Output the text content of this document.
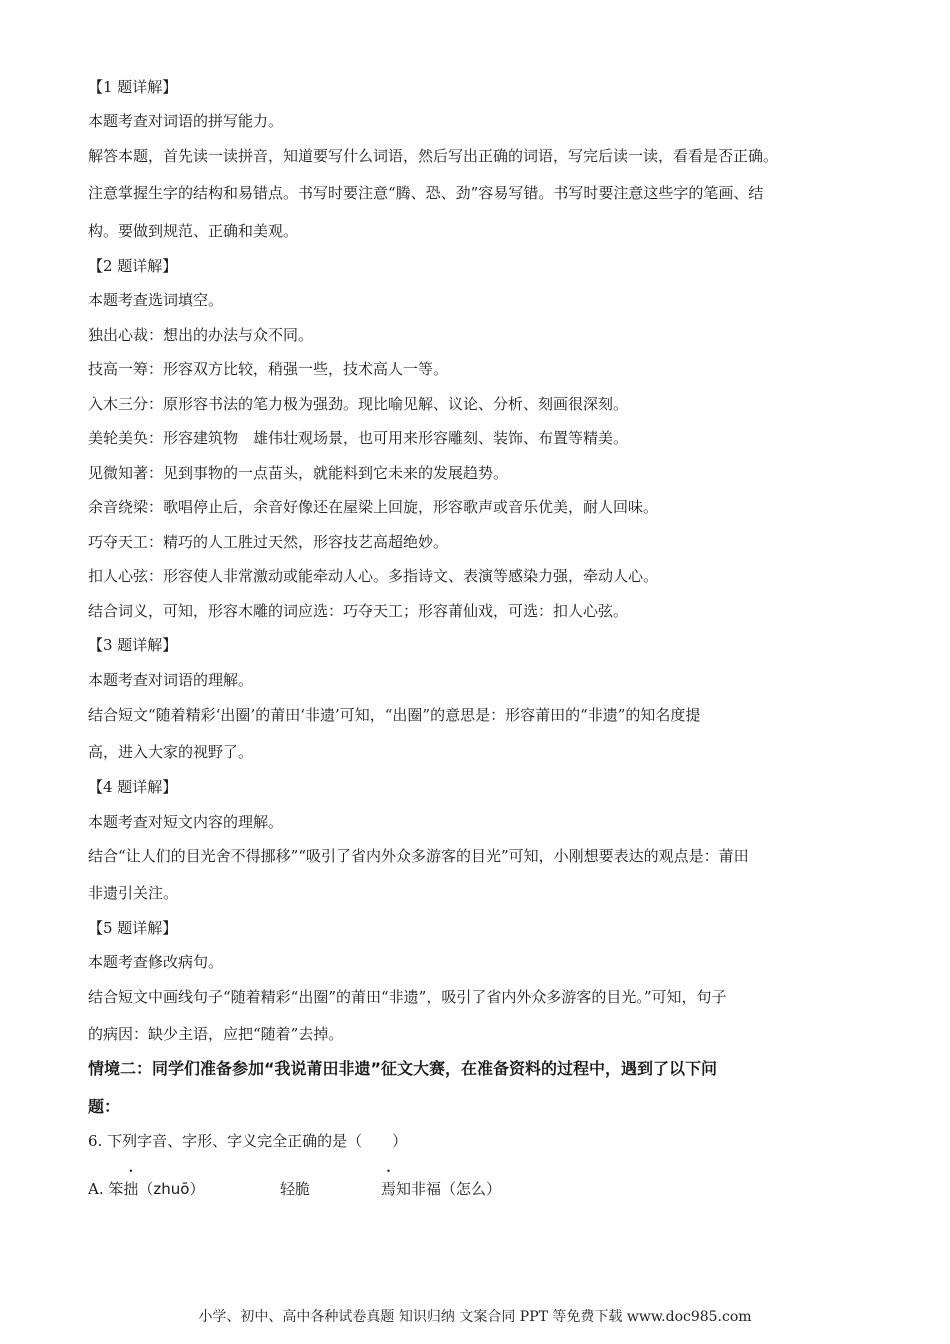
【1 题详解】
本题考查对词语的拼写能力。
解答本题，首先读一读拼音，知道要写什么词语，然后写出正确的词语，写完后读一读，看看是否正确。
注意掌握生字的结构和易错点。书写时要注意“腾、恐、劲”容易写错。书写时要注意这些字的笔画、结
构。要做到规范、正确和美观。
【2 题详解】
本题考查选词填空。
独出心裁：想出的办法与众不同。
技高一筹：形容双方比较，稍强一些，技术高人一等。
入木三分：原形容书法的笔力极为强劲。现比喻见解、议论、分析、刻画很深刻。
美轮美奂：形容建筑物　雄伟壮观场景，也可用来形容雕刻、装饰、布置等精美。
见微知著：见到事物的一点苗头，就能料到它未来的发展趋势。
余音绕梁：歌唱停止后，余音好像还在屋梁上回旋，形容歌声或音乐优美，耐人回味。
巧夺天工：精巧的人工胜过天然，形容技艺高超绝妙。
扣人心弦：形容使人非常激动或能牵动人心。多指诗文、表演等感染力强，牵动人心。
结合词义，可知，形容木雕的词应选：巧夺天工；形容莆仙戏，可选：扣人心弦。
【3 题详解】
本题考查对词语的理解。
结合短文“随着精彩‘出圈’的莆田‘非遗’可知，“出圈”的意思是：形容莆田的“非遗”的知名度提
高，进入大家的视野了。
【4 题详解】
本题考查对短文内容的理解。
结合“让人们的目光舍不得挪移”“吸引了省内外众多游客的目光”可知，小刚想要表达的观点是：莆田
非遗引关注。
【5 题详解】
本题考查修改病句。
结合短文中画线句子“随着精彩“出圈”的莆田“非遗”，吸引了省内外众多游客的目光。”可知，句子
的病因：缺少主语，应把“随着”去掉。
情境二：同学们准备参加“我说莆田非遗”征文大赛，在准备资料的过程中，遇到了以下问
题：
6. 下列字音、字形、字义完全正确的是（　　）
A. 笨拙（zhuō）	轻脆	焉知非福（怎么）
小学、初中、高中各种试卷真题 知识归纳 文案合同 PPT 等免费下载 www.doc985.com
